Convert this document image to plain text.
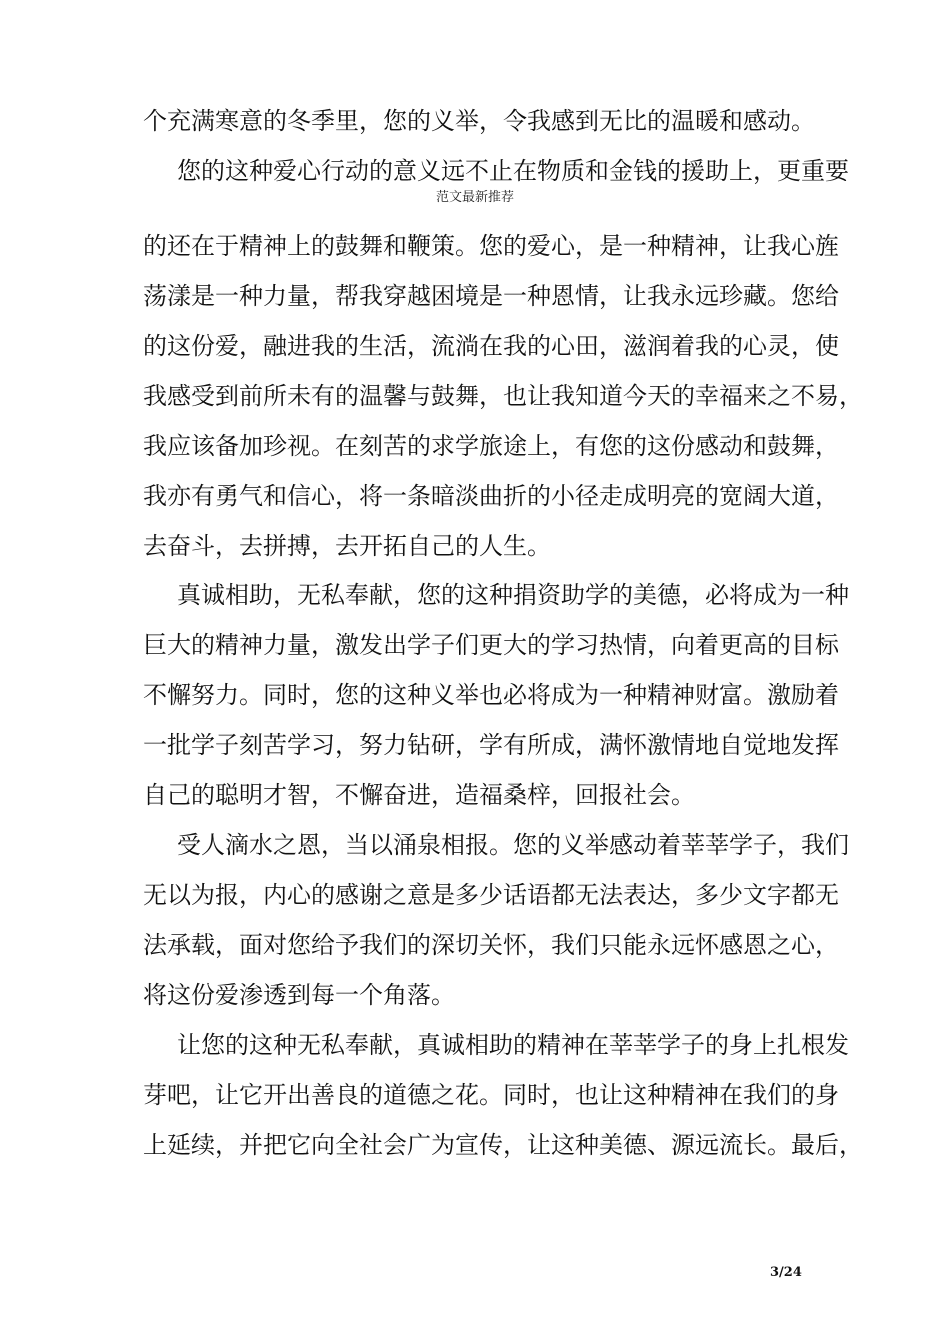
个充满寒意的冬季里，您的义举，令我感到无比的温暖和感动。
您的这种爱心行动的意义远不止在物质和金钱的援助上，更重要
范文最新推荐
的还在于精神上的鼓舞和鞭策。您的爱心，是一种精神，让我心旌
荡漾是一种力量，帮我穿越困境是一种恩情，让我永远珍藏。您给
的这份爱，融进我的生活，流淌在我的心田，滋润着我的心灵，使
我感受到前所未有的温馨与鼓舞，也让我知道今天的幸福来之不易，
我应该备加珍视。在刻苦的求学旅途上，有您的这份感动和鼓舞，
我亦有勇气和信心，将一条暗淡曲折的小径走成明亮的宽阔大道，
去奋斗，去拼搏，去开拓自己的人生。
真诚相助，无私奉献，您的这种捐资助学的美德，必将成为一种
巨大的精神力量，激发出学子们更大的学习热情，向着更高的目标
不懈努力。同时，您的这种义举也必将成为一种精神财富。激励着
一批学子刻苦学习，努力钻研，学有所成，满怀激情地自觉地发挥
自己的聪明才智，不懈奋进，造福桑梓，回报社会。
受人滴水之恩，当以涌泉相报。您的义举感动着莘莘学子，我们
无以为报，内心的感谢之意是多少话语都无法表达，多少文字都无
法承载，面对您给予我们的深切关怀，我们只能永远怀感恩之心，
将这份爱渗透到每一个角落。
让您的这种无私奉献，真诚相助的精神在莘莘学子的身上扎根发
芽吧，让它开出善良的道德之花。同时，也让这种精神在我们的身
上延续，并把它向全社会广为宣传，让这种美德、源远流长。最后，
3/24
